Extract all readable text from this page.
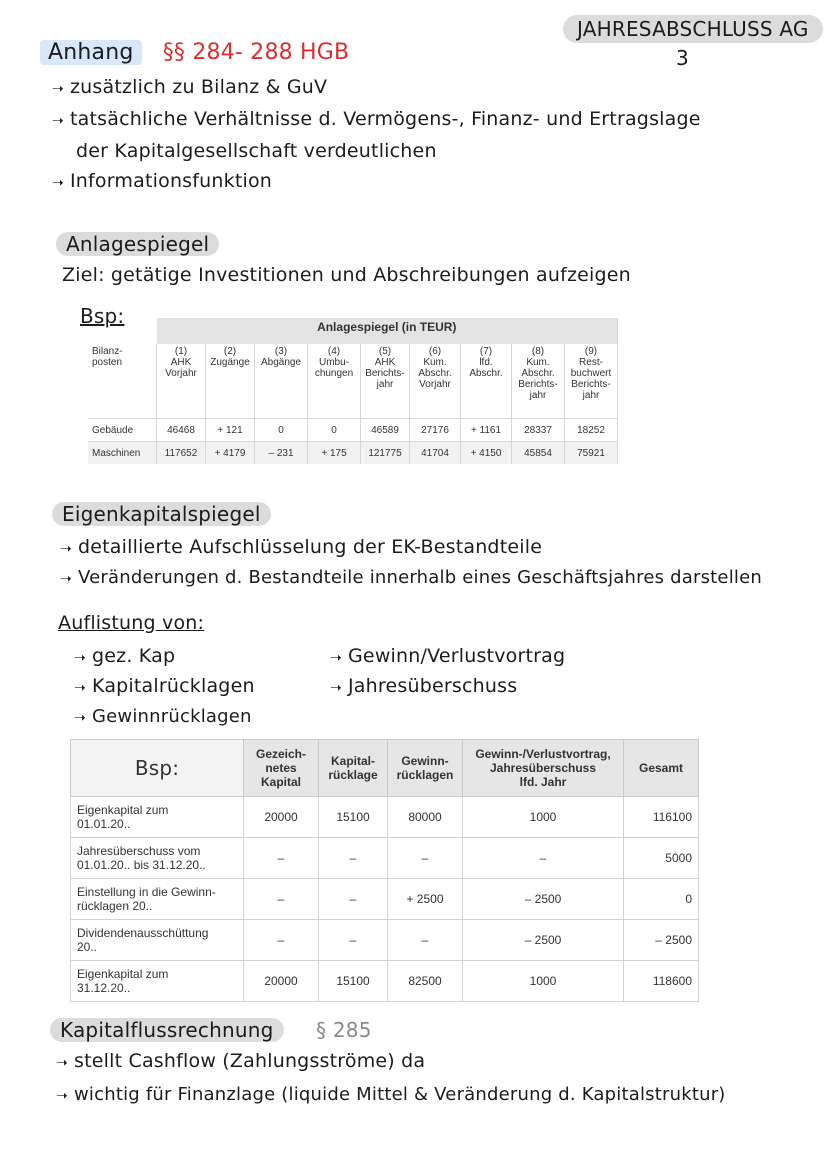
JAHRESABSCHLUSS AG
3
Anhang §§ 284- 288 HGB
➝ zusätzlich zu Bilanz & GuV
➝ tatsächliche Verhältnisse d. Vermögens-, Finanz- und Ertragslage
der Kapitalgesellschaft verdeutlichen
➝ Informationsfunktion
Anlagespiegel
Ziel: getätige Investitionen und Abschreibungen aufzeigen
Bsp:
		Anlagespiegel (in TEUR)								
Bilanz-
posten	(1)
AHK
Vorjahr	(2)
Zugänge	(3)
Abgänge	(4)
Umbu-
chungen	(5)
AHK
Berichts-
jahr	(6)
Kum.
Abschr.
Vorjahr	(7)
lfd.
Abschr.	(8)
Kum.
Abschr.
Berichts-
jahr	(9)
Rest-
buchwert
Berichts-
jahr
Gebäude	46468	+ 121	0	0	46589	27176	+ 1161	28337	18252
Maschinen	117652	+ 4179	– 231	+ 175	121775	41704	+ 4150	45854	75921
Eigenkapitalspiegel
➝ detaillierte Aufschlüsselung der EK-Bestandteile
➝ Veränderungen d. Bestandteile innerhalb eines Geschäftsjahres darstellen
Auflistung von:
➝ gez. Kap
➝ Kapitalrücklagen
➝ Gewinnrücklagen
➝ Gewinn/Verlustvortrag
➝ Jahresüberschuss
Bsp:	Gezeich-
netes
Kapital	Kapital-
rücklage	Gewinn-
rücklagen	Gewinn-/Verlustvortrag,
Jahresüberschuss
lfd. Jahr	Gesamt
Eigenkapital zum
01.01.20..	20000	15100	80000	1000	116100
Jahresüberschuss vom
01.01.20.. bis 31.12.20..	–	–	–	–	5000
Einstellung in die Gewinn-
rücklagen 20..	–	–	+ 2500	– 2500	0
Dividendenausschüttung
20..	–	–	–	– 2500	– 2500
Eigenkapital zum
31.12.20..	20000	15100	82500	1000	118600
Kapitalflussrechnung § 285
➝ stellt Cashflow (Zahlungsströme) da
➝ wichtig für Finanzlage (liquide Mittel & Veränderung d. Kapitalstruktur)
